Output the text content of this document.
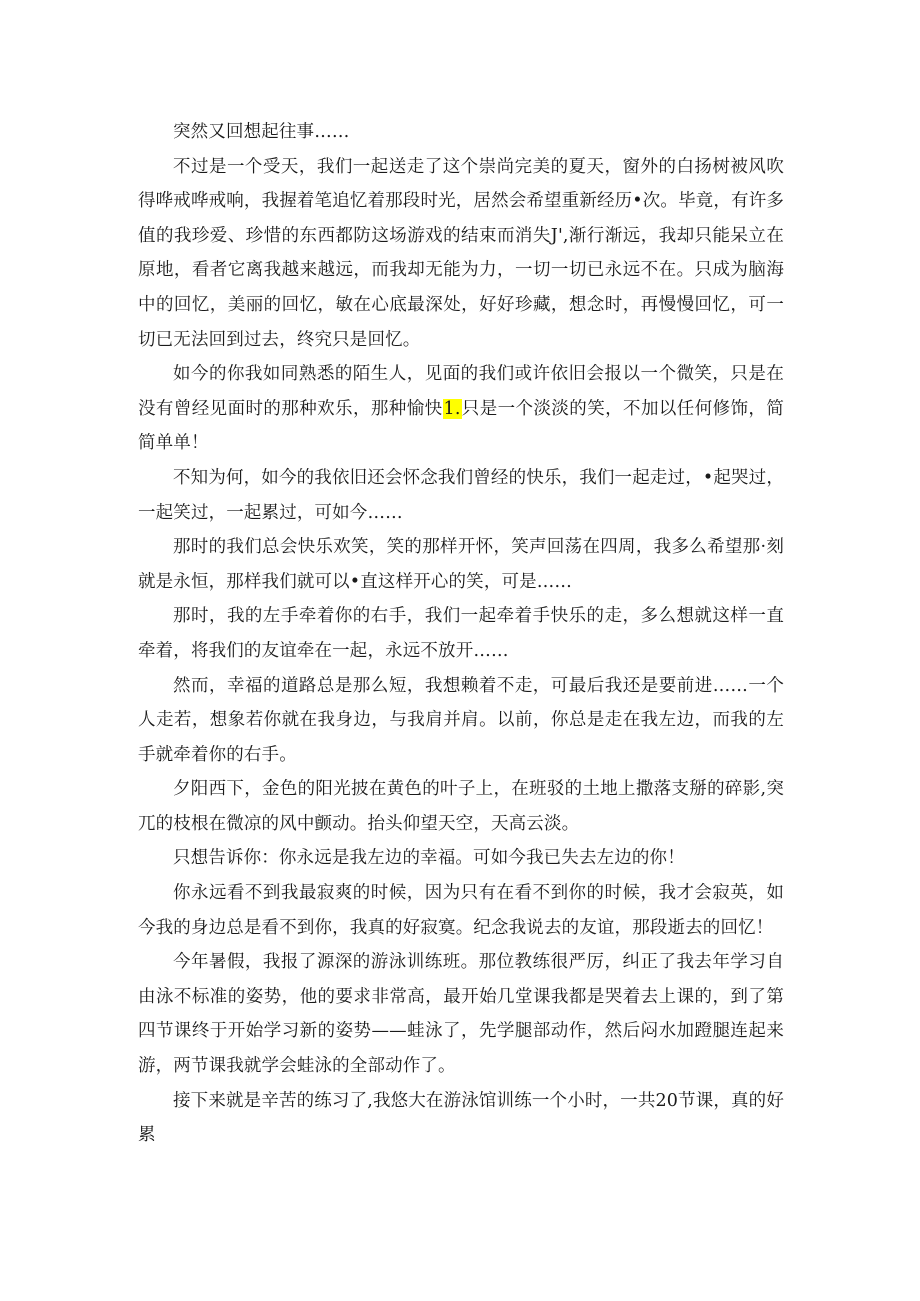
突然又回想起往事……

不过是一个受天，我们一起送走了这个崇尚完美的夏天，窗外的白扬树被风吹得哗戒哗戒响，我握着笔追忆着那段时光，居然会希望重新经历•次。毕竟，有许多值的我珍爱、珍惜的东西都防这场游戏的结束而消失J',渐行渐远，我却只能呆立在原地，看者它离我越来越远，而我却无能为力，一切一切已永远不在。只成为脑海中的回忆，美丽的回忆，敏在心底最深处，好好珍藏，想念时，再慢慢回忆，可一切已无法回到过去，终究只是回忆。

如今的你我如同熟悉的陌生人，见面的我们或许依旧会报以一个微笑，只是在没有曾经见面时的那种欢乐，那种愉快1.只是一个淡淡的笑，不加以任何修饰，简简单单！

不知为何，如今的我依旧还会怀念我们曾经的快乐，我们一起走过，•起哭过，一起笑过，一起累过，可如今……

那时的我们总会快乐欢笑，笑的那样开怀，笑声回荡在四周，我多么希望那·刻就是永恒，那样我们就可以•直这样开心的笑，可是……

那时，我的左手牵着你的右手，我们一起牵着手快乐的走，多么想就这样一直牵着，将我们的友谊牵在一起，永远不放开……

然而，幸福的道路总是那么短，我想赖着不走，可最后我还是要前进……一个人走若，想象若你就在我身边，与我肩并肩。以前，你总是走在我左边，而我的左手就牵着你的右手。

夕阳西下，金色的阳光披在黄色的叶子上，在班驳的土地上撒落支掰的碎影,突兀的枝根在微凉的风中颤动。抬头仰望天空，天高云淡。

只想告诉你：你永远是我左边的幸福。可如今我已失去左边的你！

你永远看不到我最寂爽的时候，因为只有在看不到你的时候，我才会寂英，如今我的身边总是看不到你，我真的好寂寞。纪念我说去的友谊，那段逝去的回忆！

今年暑假，我报了源深的游泳训练班。那位教练很严厉，纠正了我去年学习自由泳不标准的姿势，他的要求非常高，最开始几堂课我都是哭着去上课的，到了第四节课终于开始学习新的姿势——蛙泳了，先学腿部动作，然后闷水加蹬腿连起来游，两节课我就学会蛙泳的全部动作了。

接下来就是辛苦的练习了,我悠大在游泳馆训练一个小时，一共20节课，真的好累
